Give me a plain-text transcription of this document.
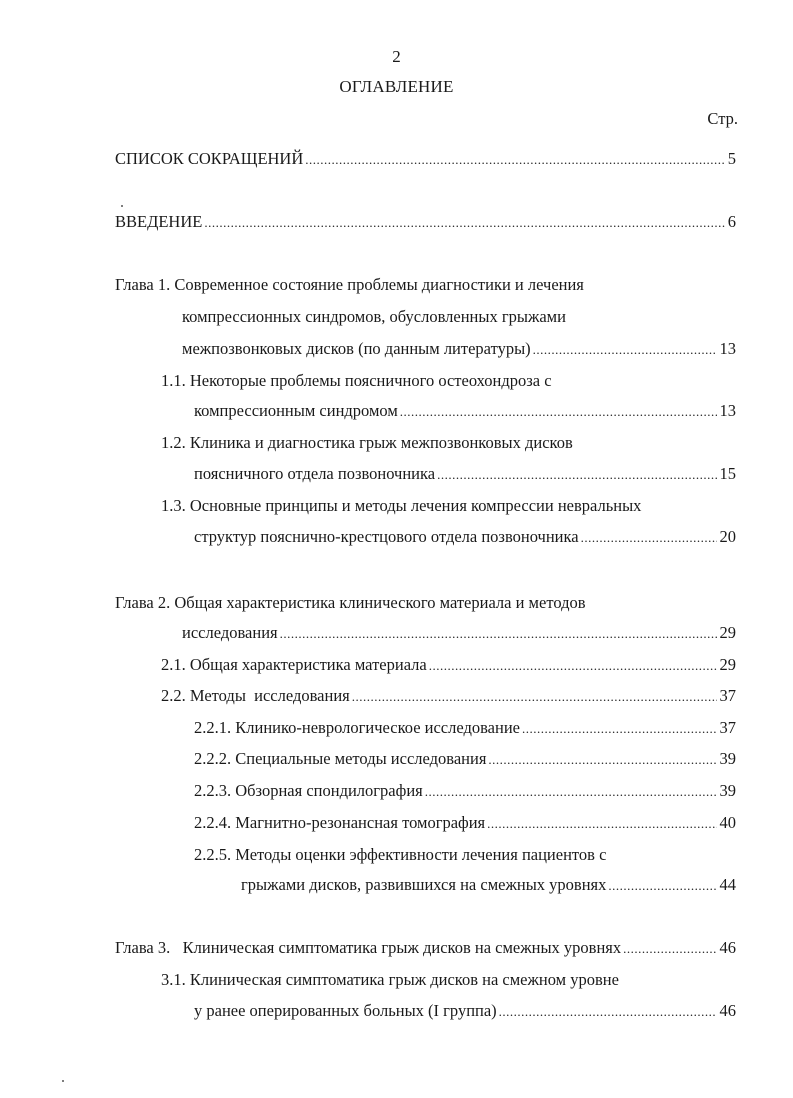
2
ОГЛАВЛЕНИЕ
Стр.
СПИСОК СОКРАЩЕНИЙ .....	5
ВВЕДЕНИЕ .....	6
Глава 1. Современное состояние проблемы диагностики и лечения
компрессионных синдромов, обусловленных грыжами
межпозвонковых дисков (по данным литературы) .....	13
1.1. Некоторые проблемы поясничного остеохондроза с
компрессионным синдромом .....	13
1.2. Клиника и диагностика грыж межпозвонковых дисков
поясничного отдела позвоночника .....	15
1.3. Основные принципы и методы лечения компрессии невральных
структур пояснично-крестцового отдела позвоночника .....	20
Глава 2. Общая характеристика клинического материала и методов
исследования .....	29
2.1. Общая характеристика материала .....	29
2.2. Методы  исследования .....	37
2.2.1. Клинико-неврологическое исследование .....	37
2.2.2. Специальные методы исследования .....	39
2.2.3. Обзорная спондилография .....	39
2.2.4. Магнитно-резонансная томография .....	40
2.2.5. Методы оценки эффективности лечения пациентов с
грыжами дисков, развившихся на смежных уровнях .....	44
Глава 3.   Клиническая симптоматика грыж дисков на смежных уровнях .....	46
3.1. Клиническая симптоматика грыж дисков на смежном уровне
у ранее оперированных больных (I группа) .....	46
